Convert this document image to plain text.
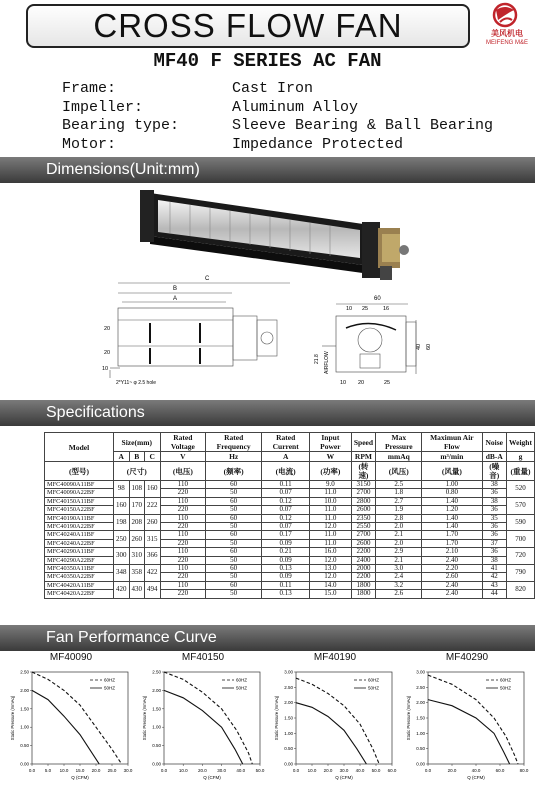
CROSS FLOW FAN	美风机电
MEIFENG M&E
MF40 F SERIES AC FAN
Frame:	Cast Iron
Impeller:	Aluminum Alloy
Bearing type:	Sleeve Bearing & Ball Bearing
Motor:	Impedance Protected
Dimensions(Unit:mm)
C
B
A
20
20
10
2*Y11~ φ 2.5 hole
60
10 25	16
40 60
21.8 AIRFLOW
10 20	25
Specifications
Model	Size(mm)			Rated Voltage	Rated Frequency	Rated Current	Input Power	Speed	Max Pressure	Maximun Air Flow	Noise	Weight
	A	B	C	V	Hz	A	W	RPM	mmAq	m³/min	dB-A	g
(型号)	(尺寸)			(电压)	(频率)	(电流)	(功率)	(转速)	(风压)	(风量)	(噪音)	(重量)
MFC40090A11BF	98	108	160	110	60	0.11	9.0	3150	2.5	1.00	38	520
MFC40090A22BF				220	50	0.07	11.0	2700	1.8	0.80	36	
MFC40150A11BF	160	170	222	110	60	0.12	10.0	2800	2.7	1.40	38	570
MFC40150A22BF				220	50	0.07	11.0	2600	1.9	1.20	36	
MFC40190A11BF	198	208	260	110	60	0.12	11.0	2350	2.8	1.40	35	590
MFC40190A22BF				220	50	0.07	12.0	2550	2.0	1.40	36	
MFC40240A11BF	250	260	315	110	60	0.17	11.0	2700	2.1	1.70	36	700
MFC40240A22BF				220	50	0.09	11.0	2600	2.0	1.70	37	
MFC40290A11BF	300	310	366	110	60	0.21	16.0	2200	2.9	2.10	36	720
MFC40290A22BF				220	50	0.09	12.0	2400	2.1	2.40	38	
MFC40350A11BF	348	358	422	110	60	0.13	13.0	2000	3.0	2.20	41	790
MFC40350A22BF				220	50	0.09	12.0	2200	2.4	2.60	42	
MFC40420A11BF	420	430	494	110	60	0.11	14.0	1800	3.2	2.40	43	820
MFC40420A22BF				220	50	0.13	15.0	1800	2.6	2.40	44	
Fan Performance Curve
MF40090
0.00
0.50
1.00
1.50
2.00
2.50
0.0 5.0 10.0 15.0 20.0 25.0 30.0
Q (CFM)
Static Pressure (mmAq)
60HZ
50HZ
MF40150
0.00
0.50
1.00
1.50
2.00
2.50
0.0	10.0 20.0 30.0 40.0 50.0
Q (CFM)
Static Pressure (mmAq)
60HZ
50HZ
MF40190
0.00
0.50
1.00
1.50
2.00
2.50
3.00
0.0 10.0 20.0 30.0 40.0 50.0 60.0
Q (CFM)
Static Pressure (mmAq)
60HZ
50HZ
MF40290
0.00
0.50
1.00
1.50
2.00
2.50
3.00
0.0	20.0	40.0	60.0	80.0
Q (CFM)
Static Pressure (mmAq)
60HZ
50HZ
